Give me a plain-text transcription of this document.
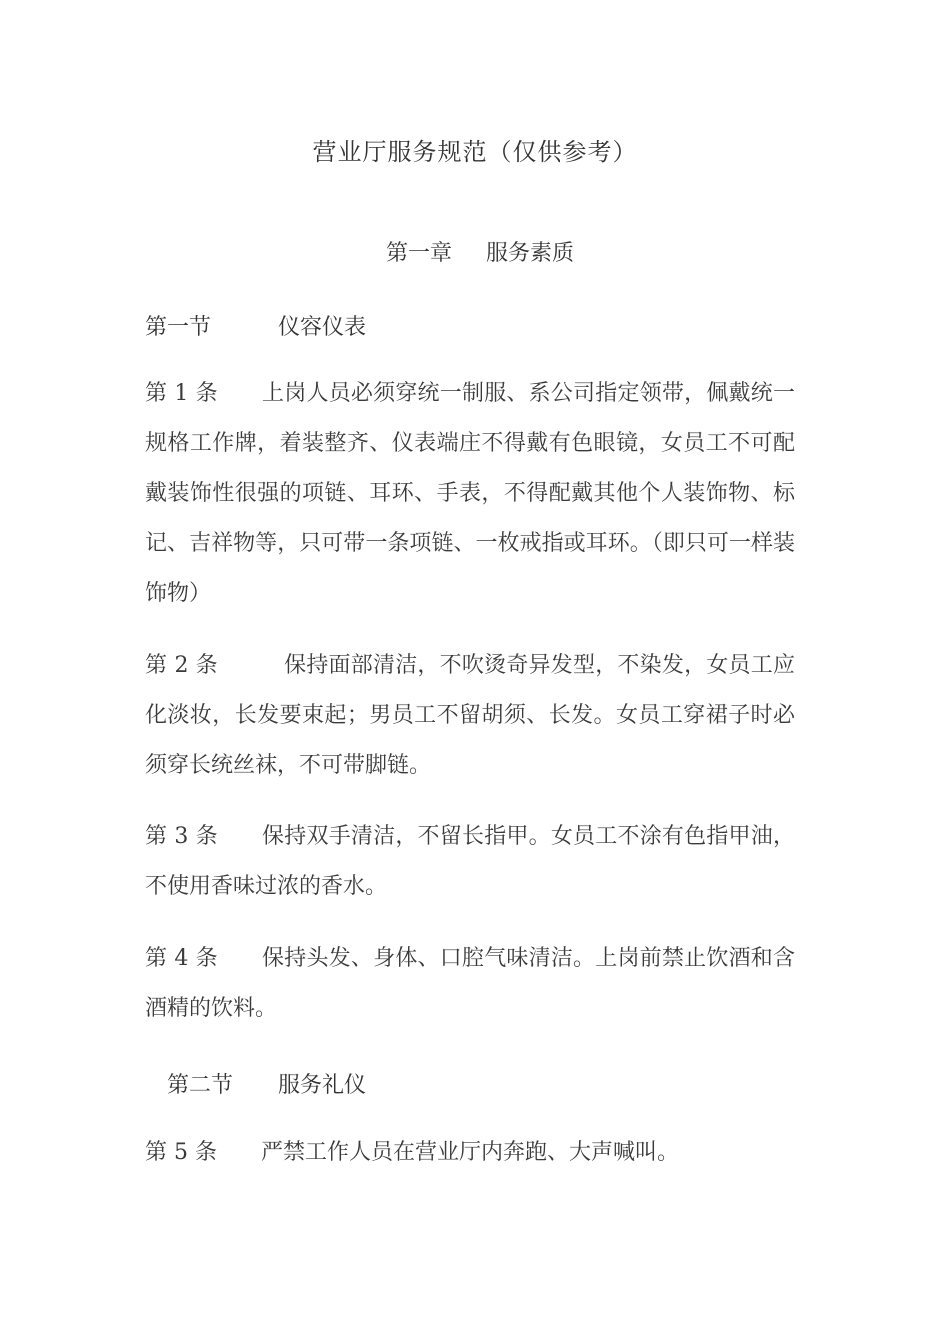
营业厅服务规范（仅供参考）
第一章 服务素质
第一节	仪容仪表
第 1 条 上岗人员必须穿统一制服、系公司指定领带，佩戴统一规格工作牌，着装整齐、仪表端庄不得戴有色眼镜，女员工不可配戴装饰性很强的项链、耳环、手表，不得配戴其他个人装饰物、标记、吉祥物等，只可带一条项链、一枚戒指或耳环。（即只可一样装饰物）
第 2 条	保持面部清洁，不吹烫奇异发型，不染发，女员工应化淡妆，长发要束起；男员工不留胡须、长发。女员工穿裙子时必须穿长统丝袜，不可带脚链。
第 3 条 保持双手清洁，不留长指甲。女员工不涂有色指甲油，不使用香味过浓的香水。
第 4 条 保持头发、身体、口腔气味清洁。上岗前禁止饮酒和含酒精的饮料。
第二节 服务礼仪
第 5 条 严禁工作人员在营业厅内奔跑、大声喊叫。
